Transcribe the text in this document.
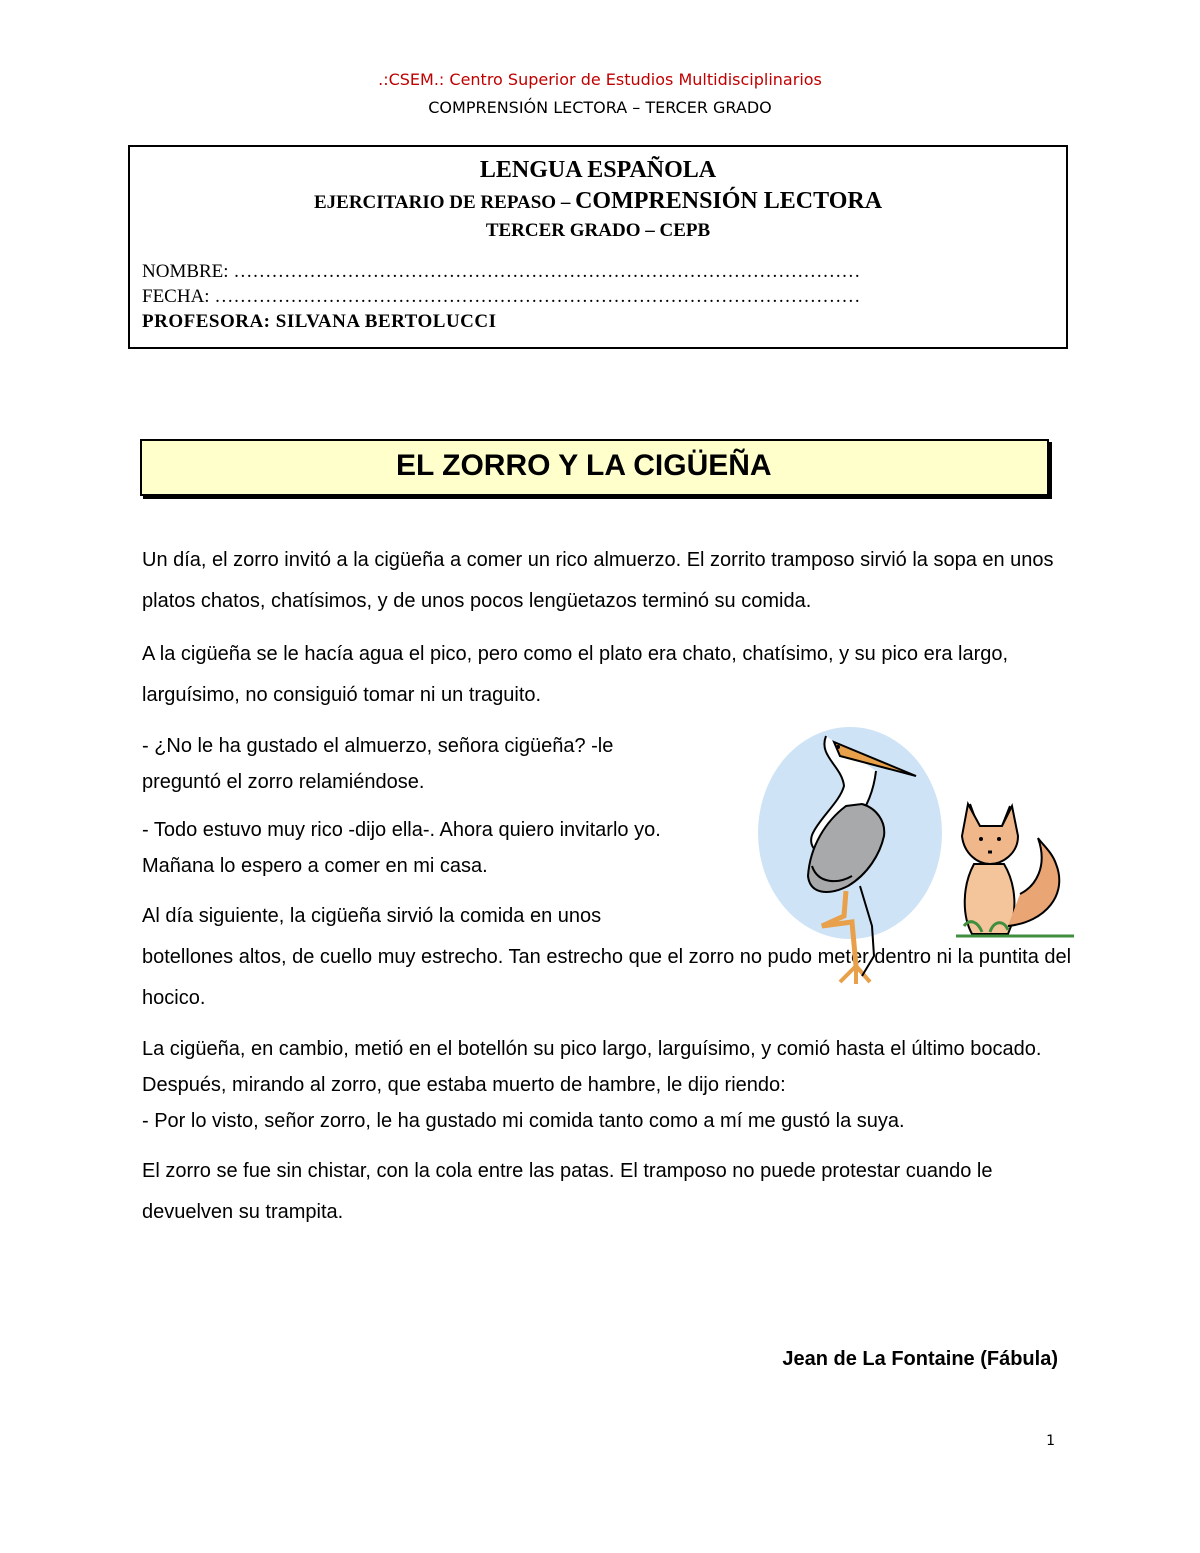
.:CSEM.: Centro Superior de Estudios Multidisciplinarios
COMPRENSIÓN LECTORA – TERCER GRADO
LENGUA ESPAÑOLA
EJERCITARIO DE REPASO – COMPRENSIÓN LECTORA
TERCER GRADO – CEPB
NOMBRE: ………………………………………………………………………………………
FECHA: …………………………………………………………………………………………
PROFESORA: SILVANA BERTOLUCCI
EL ZORRO Y LA CIGÜEÑA

Un día, el zorro invitó a la cigüeña a comer un rico almuerzo. El zorrito tramposo sirvió la sopa en unos platos chatos, chatísimos, y de unos pocos lengüetazos terminó su comida.

A la cigüeña se le hacía agua el pico, pero como el plato era chato, chatísimo, y su pico era largo, larguísimo, no consiguió tomar ni un traguito.

- ¿No le ha gustado el almuerzo, señora cigüeña? -le
preguntó el zorro relamiéndose.

- Todo estuvo muy rico -dijo ella-. Ahora quiero invitarlo yo.
Mañana lo espero a comer en mi casa.

Al día siguiente, la cigüeña sirvió la comida en unos
botellones altos, de cuello muy estrecho. Tan estrecho que el zorro no pudo meter dentro ni la puntita del hocico.

La cigüeña, en cambio, metió en el botellón su pico largo, larguísimo, y comió hasta el último bocado. Después, mirando al zorro, que estaba muerto de hambre, le dijo riendo:
- Por lo visto, señor zorro, le ha gustado mi comida tanto como a mí me gustó la suya.

El zorro se fue sin chistar, con la cola entre las patas. El tramposo no puede protestar cuando le devuelven su trampita.

Jean de La Fontaine (Fábula)
1
